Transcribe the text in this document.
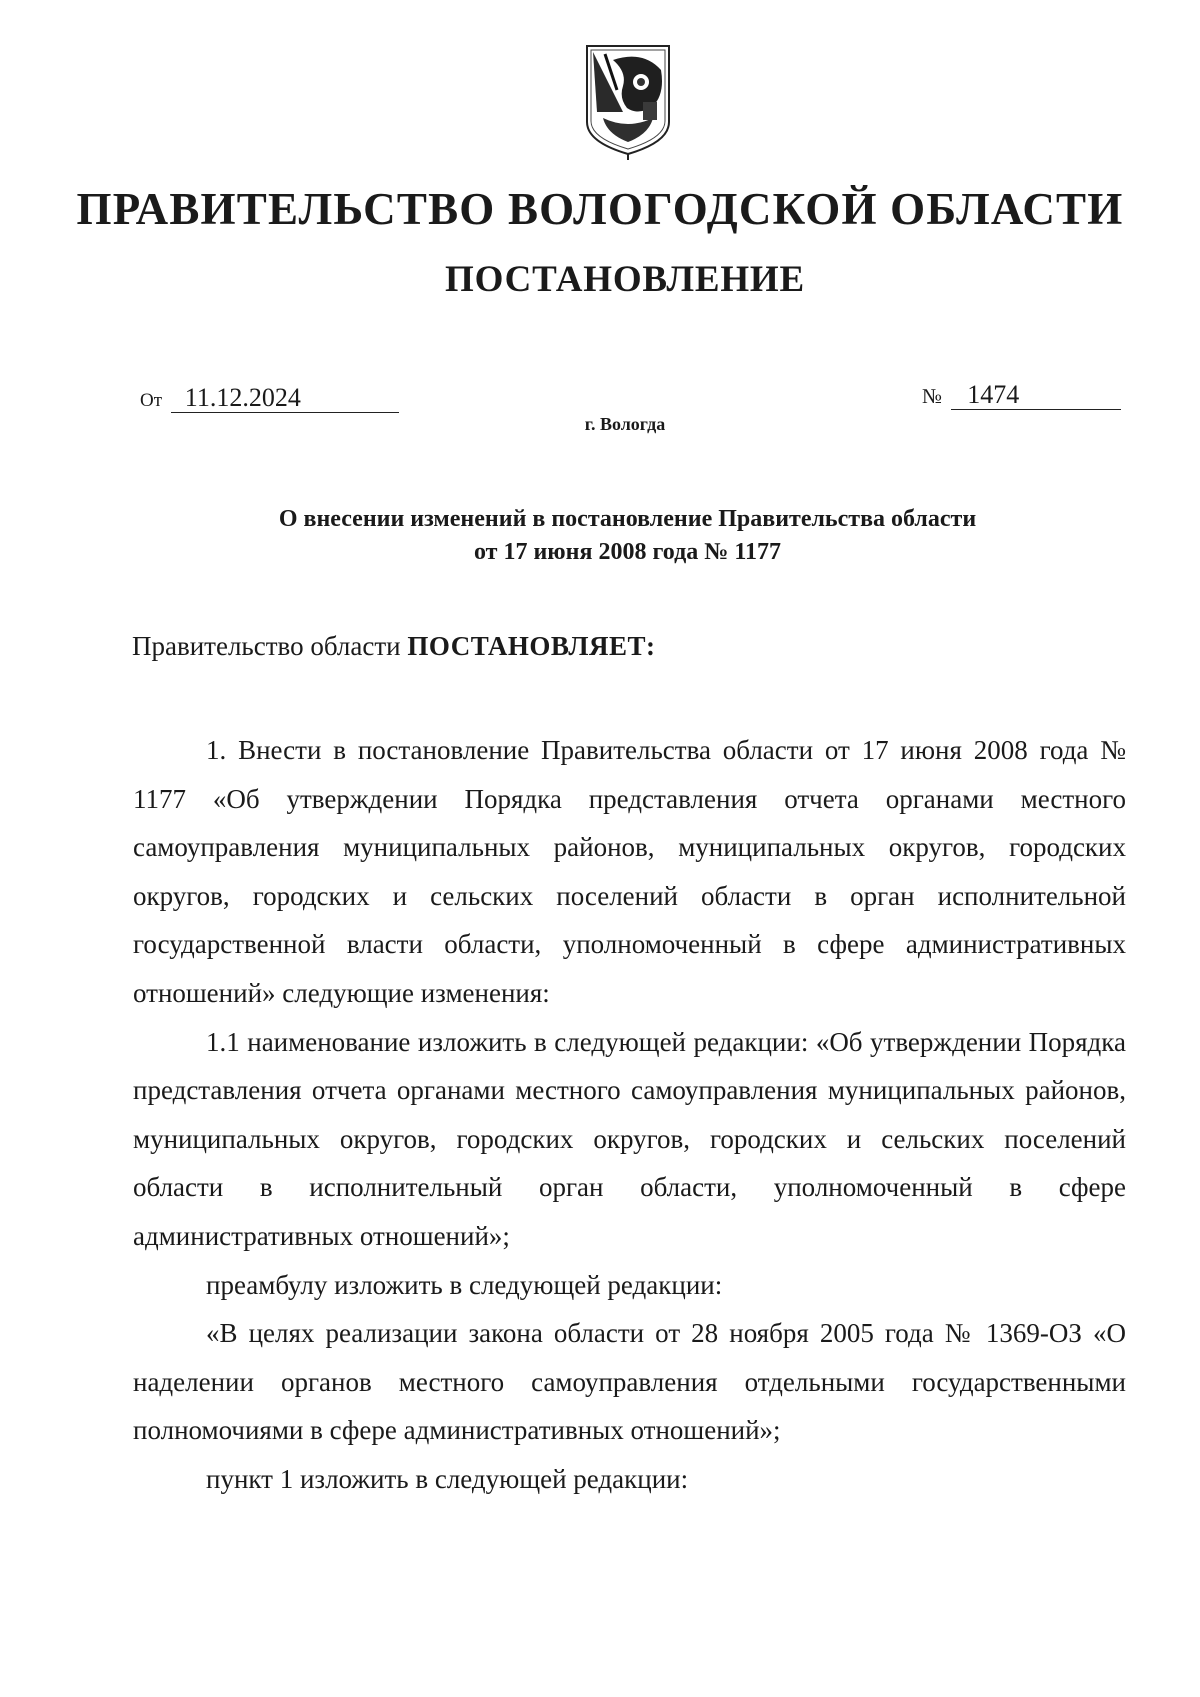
ПРАВИТЕЛЬСТВО ВОЛОГОДСКОЙ ОБЛАСТИ
ПОСТАНОВЛЕНИЕ
От 11.12.2024	№ 1474
г. Вологда
О внесении изменений в постановление Правительства области
от 17 июня 2008 года № 1177
Правительство области ПОСТАНОВЛЯЕТ:

1. Внести в постановление Правительства области от 17 июня 2008 года № 1177 «Об утверждении Порядка представления отчета органами местного самоуправления муниципальных районов, муниципальных округов, городских округов, городских и сельских поселений области в орган исполнительной государственной власти области, уполномоченный в сфере административных отношений» следующие изменения:

1.1 наименование изложить в следующей редакции: «Об утверждении Порядка представления отчета органами местного самоуправления муниципальных районов, муниципальных округов, городских округов, городских и сельских поселений области в исполнительный орган области, уполномоченный в сфере административных отношений»;

преамбулу изложить в следующей редакции:

«В целях реализации закона области от 28 ноября 2005 года № 1369-ОЗ «О наделении органов местного самоуправления отдельными государственными полномочиями в сфере административных отношений»;

пункт 1 изложить в следующей редакции:
